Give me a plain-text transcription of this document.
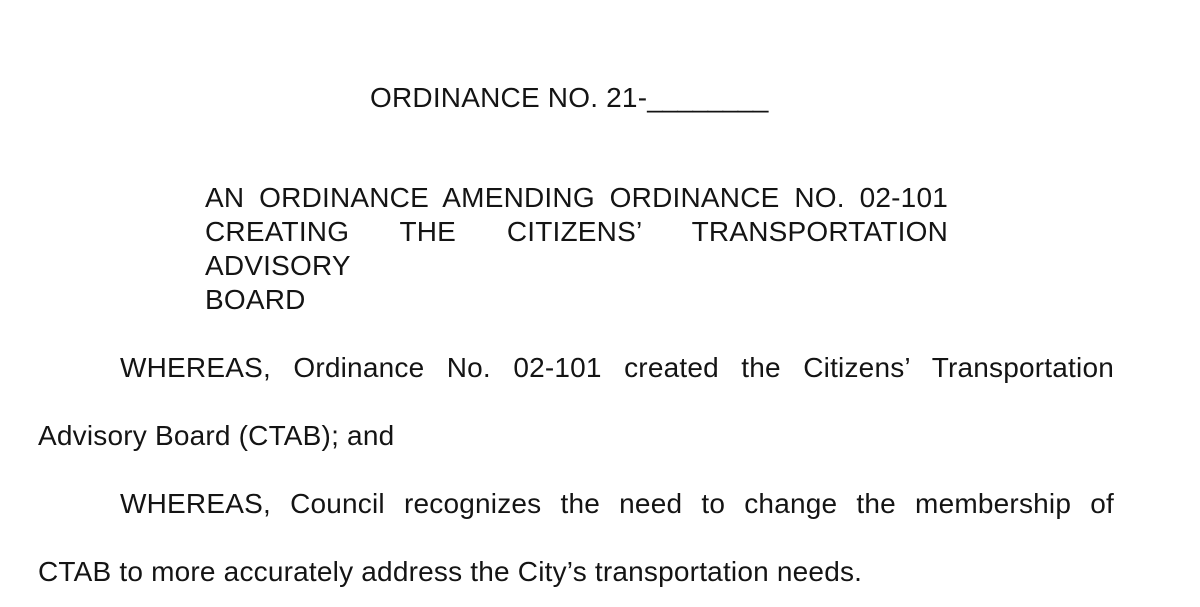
ORDINANCE NO. 21-________
AN ORDINANCE AMENDING ORDINANCE NO. 02-101
CREATING THE CITIZENS’ TRANSPORTATION ADVISORY
BOARD
WHEREAS, Ordinance No. 02-101 created the Citizens’ Transportation
Advisory Board (CTAB); and
WHEREAS, Council recognizes the need to change the membership of
CTAB to more accurately address the City’s transportation needs.
